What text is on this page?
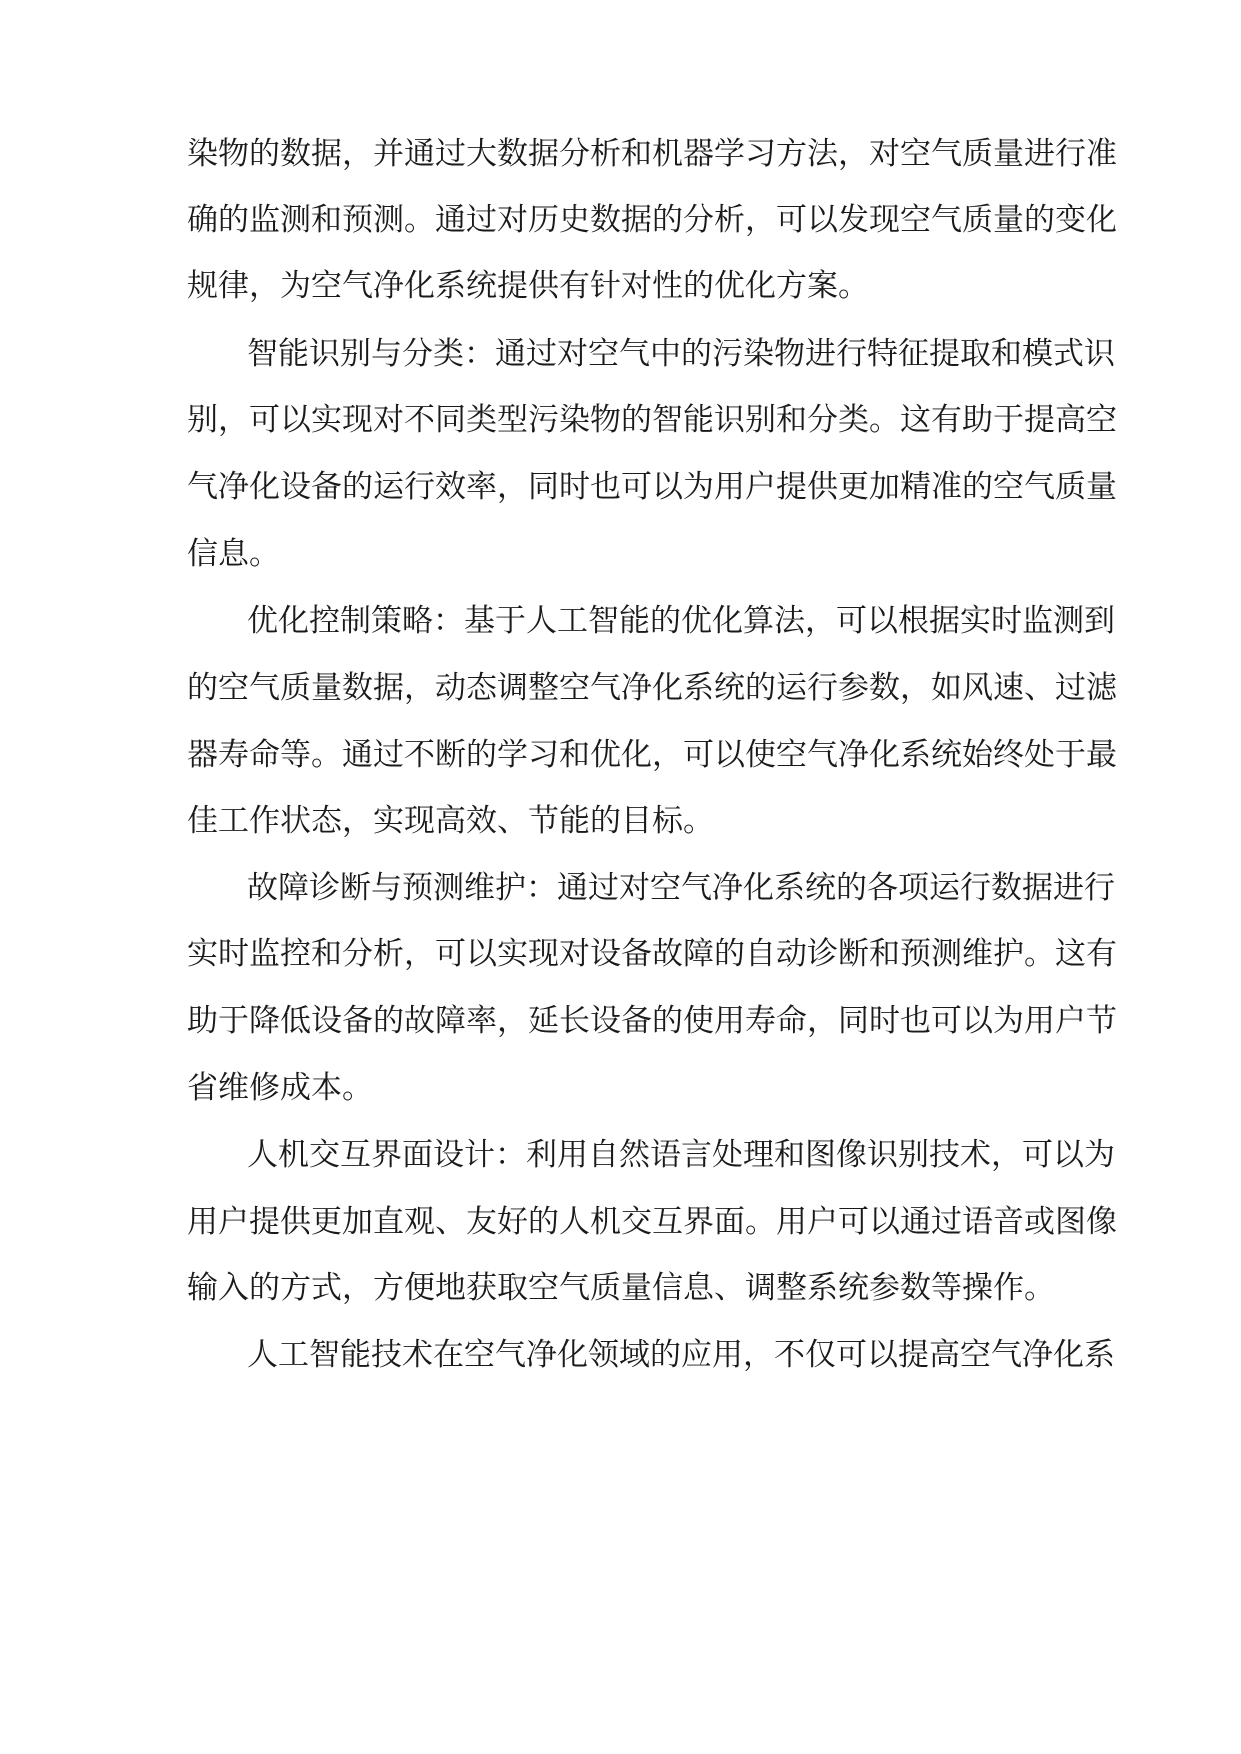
染物的数据，并通过大数据分析和机器学习方法，对空气质量进行准
确的监测和预测。通过对历史数据的分析，可以发现空气质量的变化
规律，为空气净化系统提供有针对性的优化方案。
智能识别与分类：通过对空气中的污染物进行特征提取和模式识
别，可以实现对不同类型污染物的智能识别和分类。这有助于提高空
气净化设备的运行效率，同时也可以为用户提供更加精准的空气质量
信息。
优化控制策略：基于人工智能的优化算法，可以根据实时监测到
的空气质量数据，动态调整空气净化系统的运行参数，如风速、过滤
器寿命等。通过不断的学习和优化，可以使空气净化系统始终处于最
佳工作状态，实现高效、节能的目标。
故障诊断与预测维护：通过对空气净化系统的各项运行数据进行
实时监控和分析，可以实现对设备故障的自动诊断和预测维护。这有
助于降低设备的故障率，延长设备的使用寿命，同时也可以为用户节
省维修成本。
人机交互界面设计：利用自然语言处理和图像识别技术，可以为
用户提供更加直观、友好的人机交互界面。用户可以通过语音或图像
输入的方式，方便地获取空气质量信息、调整系统参数等操作。
人工智能技术在空气净化领域的应用，不仅可以提高空气净化系
